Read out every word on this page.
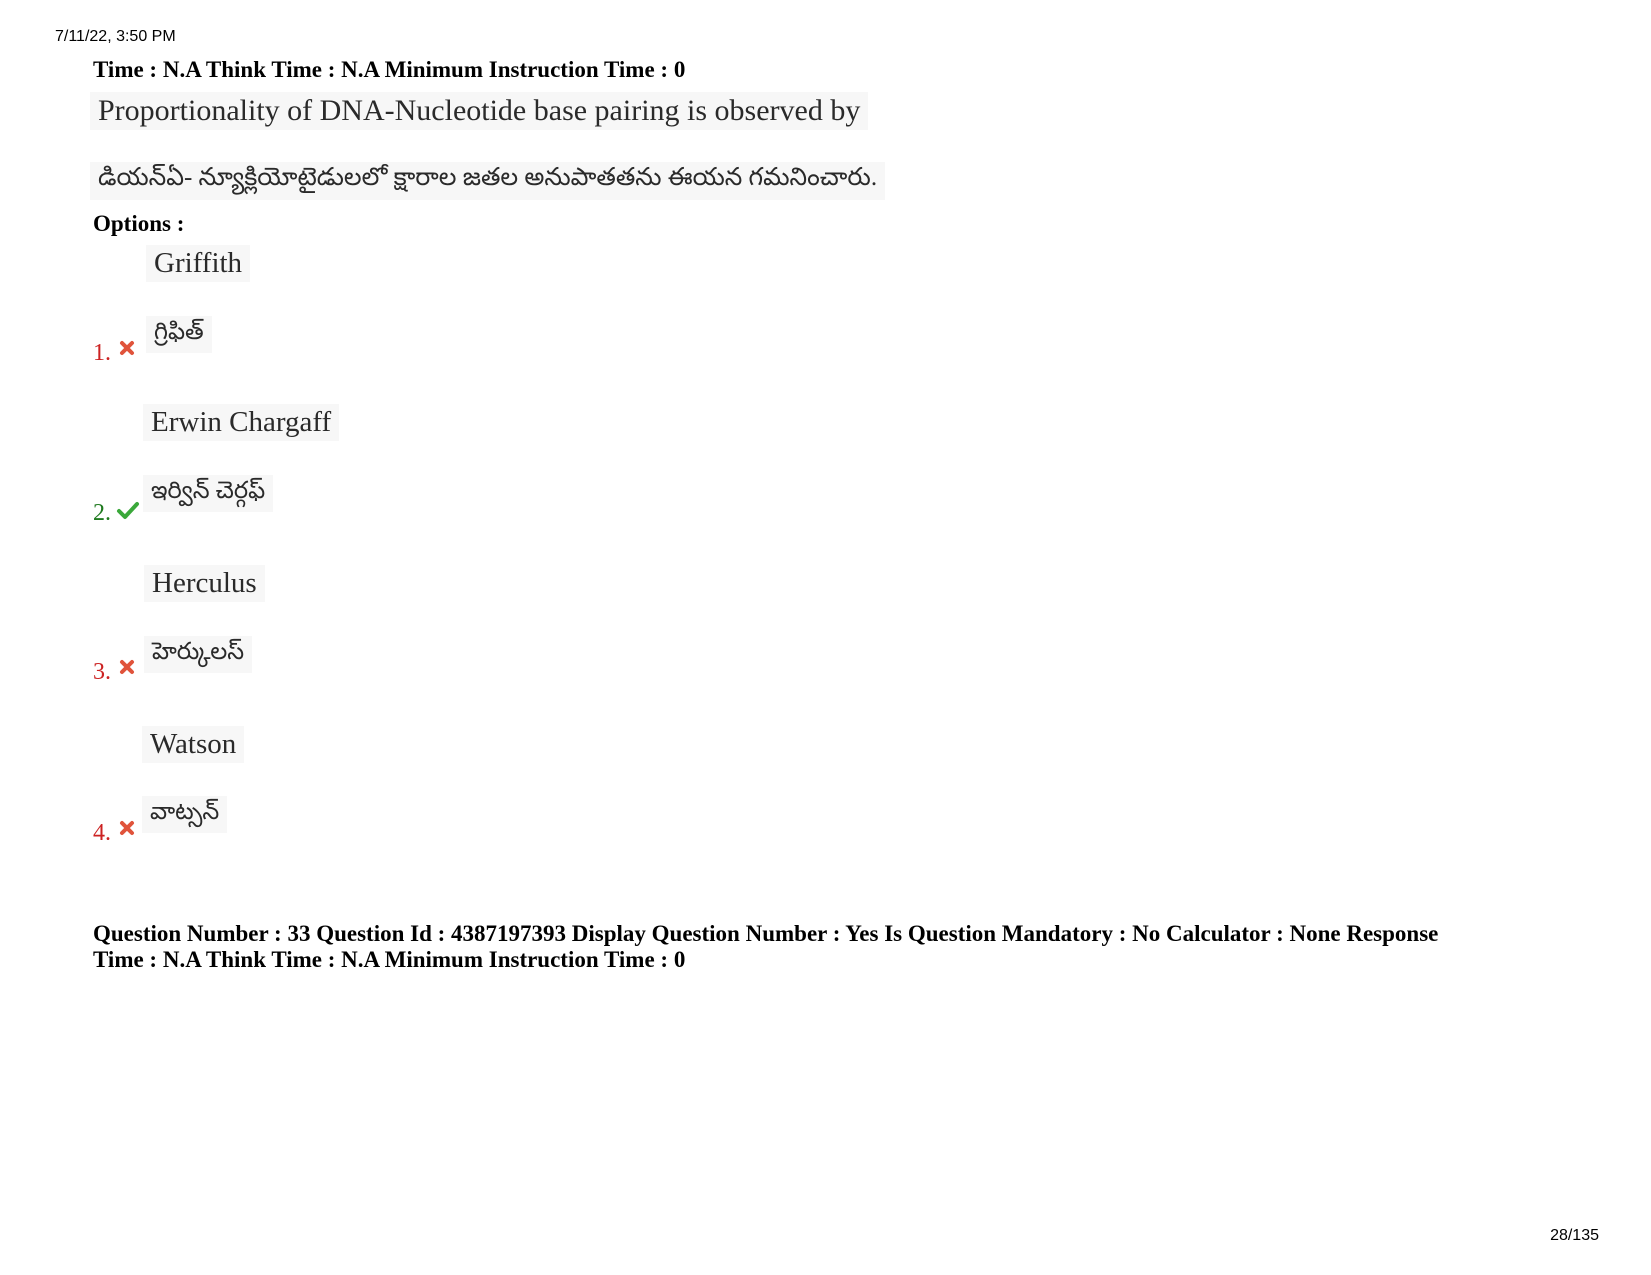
7/11/22, 3:50 PM
Time : N.A Think Time : N.A Minimum Instruction Time : 0
Proportionality of DNA-Nucleotide base pairing is observed by
డియన్ఏ- న్యూక్లియోటైడులలో క్షారాల జతల అనుపాతతను ఈయన గమనించారు.
Options :
Griffith
గ్రిఫిత్
1.
Erwin Chargaff
ఇర్విన్ చెర్గఫ్
2.
Herculus
హెర్కులస్
3.
Watson
వాట్సన్
4.
Question Number : 33 Question Id : 4387197393 Display Question Number : Yes Is Question Mandatory : No Calculator : None Response
Time : N.A Think Time : N.A Minimum Instruction Time : 0
28/135
